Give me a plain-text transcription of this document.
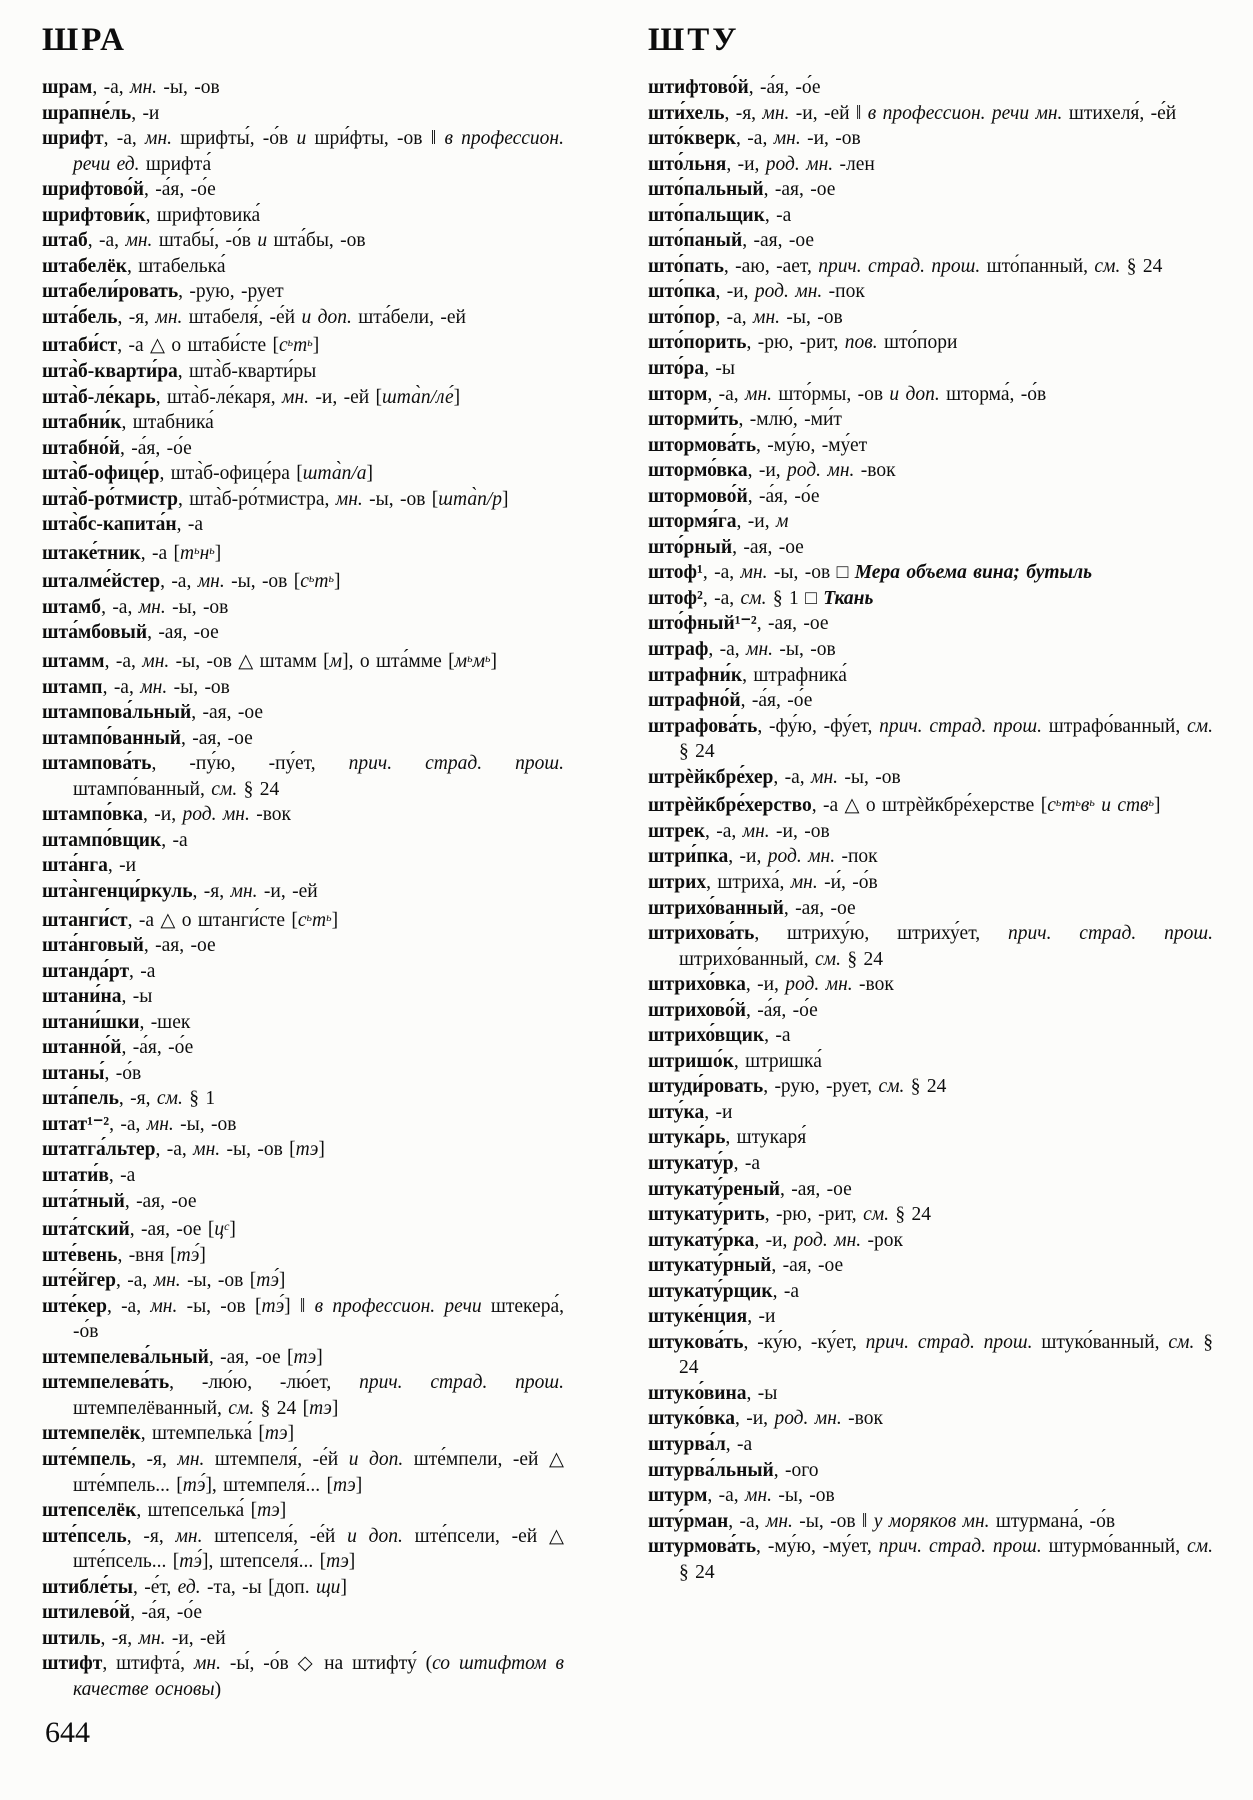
ШРА
шрам, -а, мн. -ы, -ов
шрапне́ль, -и
шрифт, -а, мн. шрифты́, -о́в и шри́фты, -ов ‖ в профессион. речи ед. шрифта́
шрифтово́й, -а́я, -о́е
шрифтови́к, шрифтовика́
штаб, -а, мн. штабы́, -о́в и шта́бы, -ов
штабелёк, штабелька́
штабели́ровать, -рую, -рует
шта́бель, -я, мн. штабеля́, -е́й и доп. шта́бели, -ей
штаби́ст, -а △ о штаби́сте $[с^ьт^ь]$
шта̀б-кварти́ра, шта̀б-кварти́ры
шта̀б-ле́карь, шта̀б-ле́каря, мн. -и, -ей [шта̀п/ле́]
штабни́к, штабника́
штабно́й, -а́я, -о́е
шта̀б-офице́р, шта̀б-офице́ра [шта̀п/а]
шта̀б-ро́тмистр, шта̀б-ро́тмистра, мн. -ы, -ов [шта̀п/р]
шта̀бс-капита́н, -а
штаке́тник, -а $[т^ьн^ь]$
шталме́йстер, -а, мн. -ы, -ов $[с^ьт^ь]$
штамб, -а, мн. -ы, -ов
шта́мбовый, -ая, -ое
штамм, -а, мн. -ы, -ов △ штамм [м], о шта́мме $[м^ьм^ь]$
штамп, -а, мн. -ы, -ов
штампова́льный, -ая, -ое
штампо́ванный, -ая, -ое
штампова́ть, -пу́ю, -пу́ет, прич. страд. прош. штампо́ванный, см. § 24
штампо́вка, -и, род. мн. -вок
штампо́вщик, -а
шта́нга, -и
шта̀нгенци́ркуль, -я, мн. -и, -ей
штанги́ст, -а △ о штанги́сте $[с^ьт^ь]$
шта́нговый, -ая, -ое
штанда́рт, -а
штани́на, -ы
штани́шки, -шек
штанно́й, -а́я, -о́е
штаны́, -о́в
шта́пель, -я, см. § 1
штат¹⁻², -а, мн. -ы, -ов
штатга́льтер, -а, мн. -ы, -ов [тэ]
штати́в, -а
шта́тный, -ая, -ое
шта́тский, -ая, -ое $[ц^с]$
ште́вень, -вня [тэ́]
ште́йгер, -а, мн. -ы, -ов [тэ́]
ште́кер, -а, мн. -ы, -ов [тэ́] ‖ в профессион. речи штекера́, -о́в
штемпелева́льный, -ая, -ое [тэ]
штемпелева́ть, -лю́ю, -лю́ет, прич. страд. прош. штемпелёванный, см. § 24 [тэ]
штемпелёк, штемпелька́ [тэ]
ште́мпель, -я, мн. штемпеля́, -е́й и доп. ште́мпели, -ей △ ште́мпель... [тэ́], штемпеля́... [тэ]
штепселёк, штепселька́ [тэ]
ште́псель, -я, мн. штепселя́, -е́й и доп. ште́псели, -ей △ ште́псель... [тэ́], штепселя́... [тэ]
штибле́ты, -е́т, ед. -та, -ы [доп. щи]
штилево́й, -а́я, -о́е
штиль, -я, мн. -и, -ей
штифт, штифта́, мн. -ы́, -о́в ◇ на штифту́ (со штифтом в качестве основы)
ШТУ
штифтово́й, -а́я, -о́е
шти́хель, -я, мн. -и, -ей ‖ в профессион. речи мн. штихеля́, -е́й
што́кверк, -а, мн. -и, -ов
што́льня, -и, род. мн. -лен
што́пальный, -ая, -ое
што́пальщик, -а
што́паный, -ая, -ое
што́пать, -аю, -ает, прич. страд. прош. што́панный, см. § 24
што́пка, -и, род. мн. -пок
што́пор, -а, мн. -ы, -ов
што́порить, -рю, -рит, пов. што́пори
што́ра, -ы
шторм, -а, мн. што́рмы, -ов и доп. шторма́, -о́в
шторми́ть, -млю́, -ми́т
штормова́ть, -му́ю, -му́ет
штормо́вка, -и, род. мн. -вок
штормово́й, -а́я, -о́е
штормя́га, -и, м
што́рный, -ая, -ое
штоф¹, -а, мн. -ы, -ов □ Мера объема вина; бутыль
штоф², -а, см. § 1 □ Ткань
што́фный¹⁻², -ая, -ое
штраф, -а, мн. -ы, -ов
штрафни́к, штрафника́
штрафно́й, -а́я, -о́е
штрафова́ть, -фу́ю, -фу́ет, прич. страд. прош. штрафо́ванный, см. § 24
штрѐйкбре́хер, -а, мн. -ы, -ов
штрѐйкбре́херство, -а △ о штрѐйкбре́херстве [$с^ьт^ьв^ь$ и ств$^ь$]
штрек, -а, мн. -и, -ов
штри́пка, -и, род. мн. -пок
штрих, штриха́, мн. -и́, -о́в
штрихо́ванный, -ая, -ое
штрихова́ть, штриху́ю, штриху́ет, прич. страд. прош. штрихо́ванный, см. § 24
штрихо́вка, -и, род. мн. -вок
штрихово́й, -а́я, -о́е
штрихо́вщик, -а
штришо́к, штришка́
штуди́ровать, -рую, -рует, см. § 24
шту́ка, -и
штука́рь, штукаря́
штукату́р, -а
штукату́реный, -ая, -ое
штукату́рить, -рю, -рит, см. § 24
штукату́рка, -и, род. мн. -рок
штукату́рный, -ая, -ое
штукату́рщик, -а
штуке́нция, -и
штукова́ть, -ку́ю, -ку́ет, прич. страд. прош. штуко́ванный, см. § 24
штуко́вина, -ы
штуко́вка, -и, род. мн. -вок
штурва́л, -а
штурва́льный, -ого
штурм, -а, мн. -ы, -ов
шту́рман, -а, мн. -ы, -ов ‖ у моряков мн. штурмана́, -о́в
штурмова́ть, -му́ю, -му́ет, прич. страд. прош. штурмо́ванный, см. § 24
644
